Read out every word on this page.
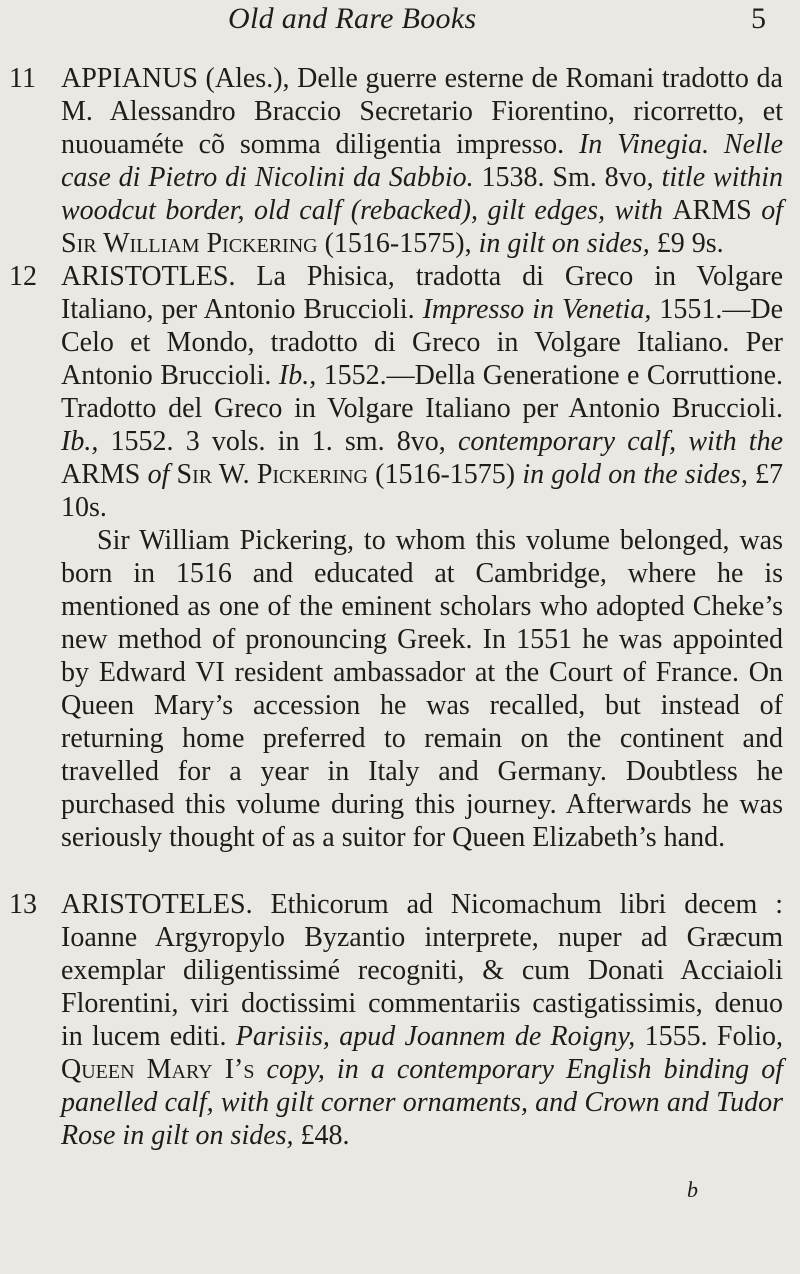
Old and Rare Books	5
11 APPIANUS (Ales.), Delle guerre esterne de Romani tradotto da M. Alessandro Braccio Secretario Fiorentino, ricorretto, et nuouaméte cõ somma diligentia impresso. In Vinegia. Nelle case di Pietro di Nicolini da Sabbio. 1538. Sm. 8vo, title within woodcut border, old calf (rebacked), gilt edges, with ARMS of Sir William Pickering (1516-1575), in gilt on sides, £9 9s.

12 ARISTOTLES. La Phisica, tradotta di Greco in Volgare Italiano, per Antonio Bruccioli. Impresso in Venetia, 1551.—De Celo et Mondo, tradotto di Greco in Volgare Italiano. Per Antonio Bruccioli. Ib., 1552.—Della Generatione e Corruttione. Tradotto del Greco in Volgare Italiano per Antonio Bruccioli. Ib., 1552. 3 vols. in 1. sm. 8vo, contemporary calf, with the ARMS of Sir W. Pickering (1516-1575) in gold on the sides, £7 10s.

Sir William Pickering, to whom this volume belonged, was born in 1516 and educated at Cambridge, where he is mentioned as one of the eminent scholars who adopted Cheke’s new method of pronouncing Greek. In 1551 he was appointed by Edward VI resident ambassador at the Court of France. On Queen Mary’s accession he was recalled, but instead of returning home preferred to remain on the continent and travelled for a year in Italy and Germany. Doubtless he purchased this volume during this journey. Afterwards he was seriously thought of as a suitor for Queen Elizabeth’s hand.

13 ARISTOTELES. Ethicorum ad Nicomachum libri decem : Ioanne Argyropylo Byzantio interprete, nuper ad Græcum exemplar diligentissimé recogniti, & cum Donati Acciaioli Florentini, viri doctissimi commentariis castigatissimis, denuo in lucem editi. Parisiis, apud Joannem de Roigny, 1555. Folio, Queen Mary I’s copy, in a contemporary English binding of panelled calf, with gilt corner ornaments, and Crown and Tudor Rose in gilt on sides, £48.

b
